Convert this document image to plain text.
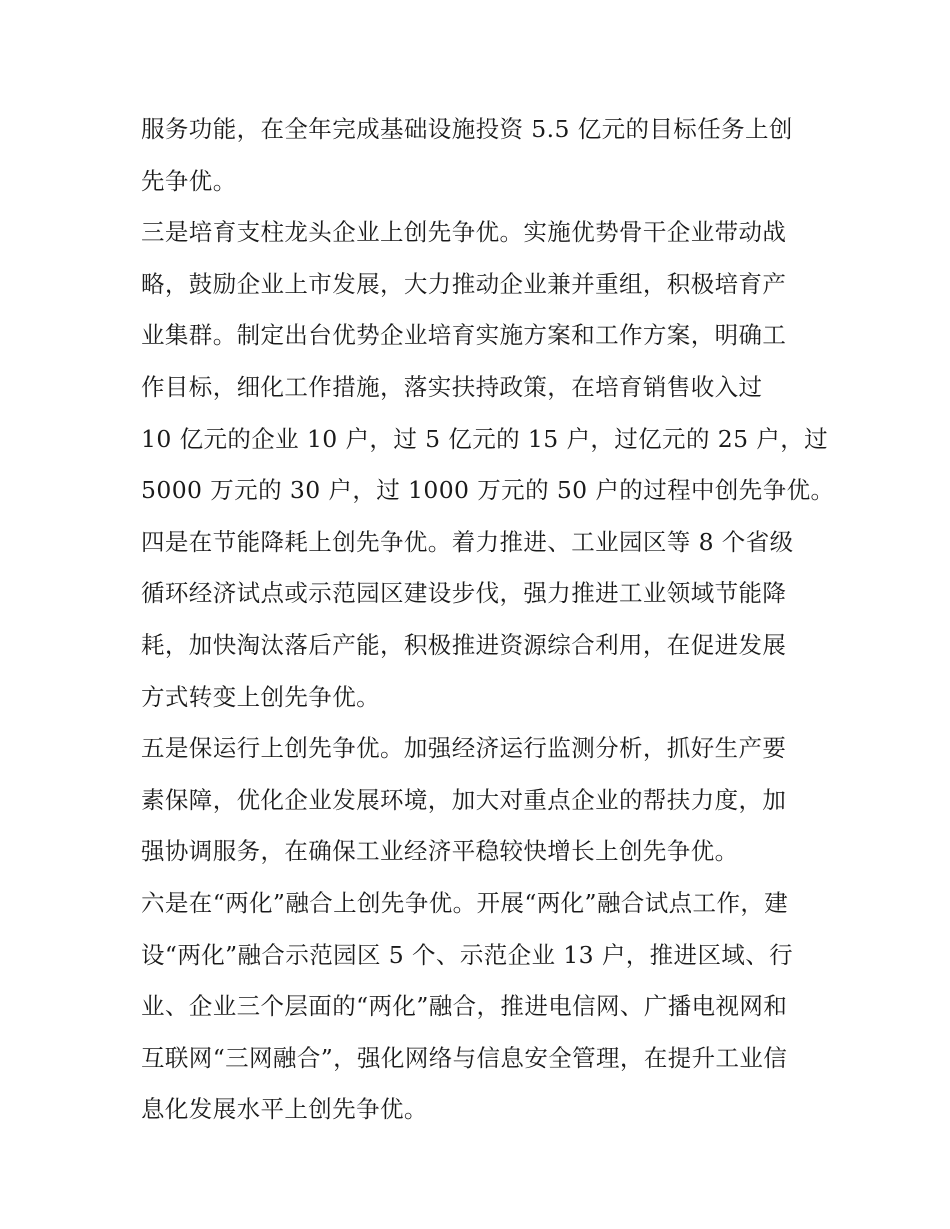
服务功能，在全年完成基础设施投资 5.5 亿元的目标任务上创
先争优。
三是培育支柱龙头企业上创先争优。实施优势骨干企业带动战
略，鼓励企业上市发展，大力推动企业兼并重组，积极培育产
业集群。制定出台优势企业培育实施方案和工作方案，明确工
作目标，细化工作措施，落实扶持政策，在培育销售收入过
10 亿元的企业 10 户，过 5 亿元的 15 户，过亿元的 25 户，过
5000 万元的 30 户，过 1000 万元的 50 户的过程中创先争优。
四是在节能降耗上创先争优。着力推进、工业园区等 8 个省级
循环经济试点或示范园区建设步伐，强力推进工业领域节能降
耗，加快淘汰落后产能，积极推进资源综合利用，在促进发展
方式转变上创先争优。
五是保运行上创先争优。加强经济运行监测分析，抓好生产要
素保障，优化企业发展环境，加大对重点企业的帮扶力度，加
强协调服务，在确保工业经济平稳较快增长上创先争优。
六是在“两化”融合上创先争优。开展“两化”融合试点工作，建
设“两化”融合示范园区 5 个、示范企业 13 户，推进区域、行
业、企业三个层面的“两化”融合，推进电信网、广播电视网和
互联网“三网融合”，强化网络与信息安全管理，在提升工业信
息化发展水平上创先争优。
